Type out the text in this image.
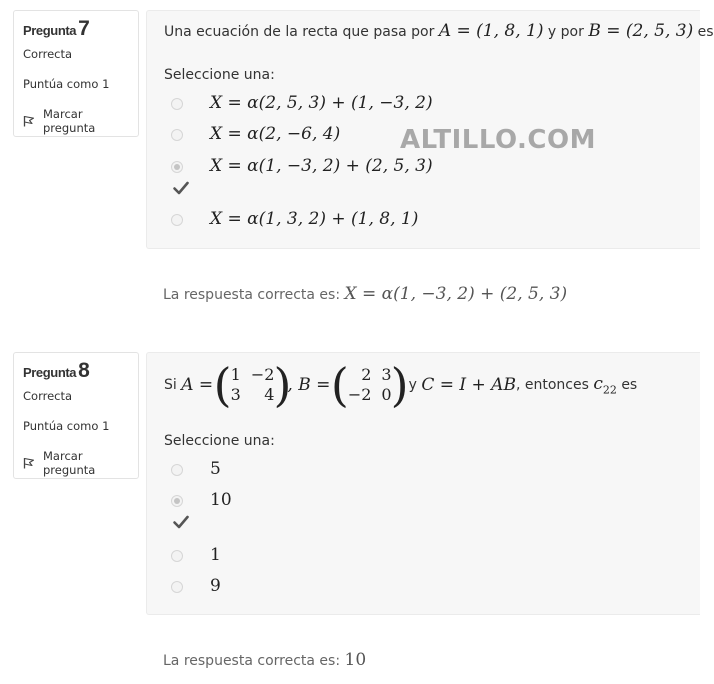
Pregunta7
Correcta
Puntúa como 1
Marcar pregunta
Una ecuación de la recta que pasa por A = (1, 8, 1) y por B = (2, 5, 3) es
Seleccione una:
X = α(2, 5, 3) + (1, −3, 2)
X = α(2, −6, 4)
X = α(1, −3, 2) + (2, 5, 3)
X = α(1, 3, 2) + (1, 8, 1)
ALTILLO.COM
La respuesta correcta es: X = α(1, −3, 2) + (2, 5, 3)
Pregunta8
Correcta
Puntúa como 1
Marcar pregunta
Si
A =
( 1	−2
3	4 )
, B =
( 2	3
−2	0 ) y
C = I + AB , entonces
$c_{22}$
es
Seleccione una:
5
10
1
9
La respuesta correcta es: 10
